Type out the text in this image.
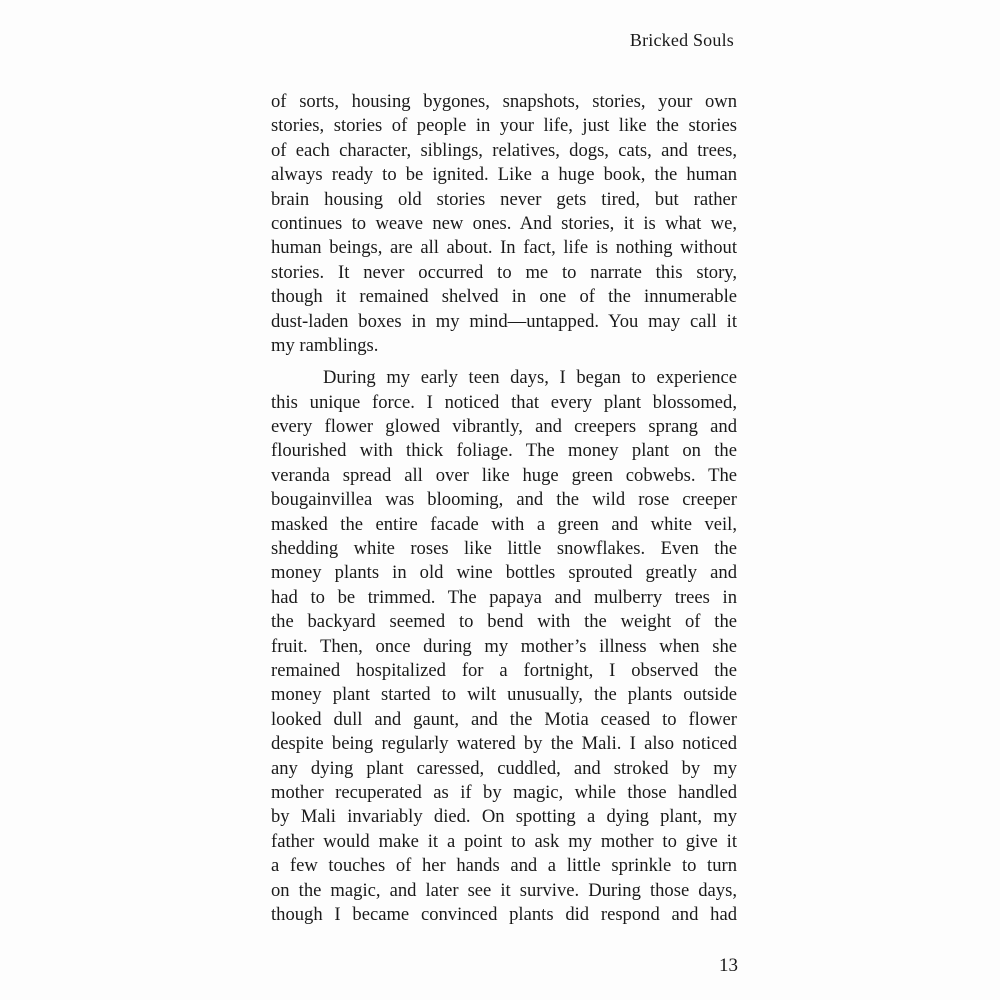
Bricked Souls
of sorts, housing bygones, snapshots, stories, your own
stories, stories of people in your life, just like the stories
of each character, siblings, relatives, dogs, cats, and trees,
always ready to be ignited. Like a huge book, the human
brain housing old stories never gets tired, but rather
continues to weave new ones. And stories, it is what we,
human beings, are all about. In fact, life is nothing without
stories. It never occurred to me to narrate this story,
though it remained shelved in one of the innumerable
dust-laden boxes in my mind—untapped. You may call it
my ramblings.
During my early teen days, I began to experience
this unique force. I noticed that every plant blossomed,
every flower glowed vibrantly, and creepers sprang and
flourished with thick foliage. The money plant on the
veranda spread all over like huge green cobwebs. The
bougainvillea was blooming, and the wild rose creeper
masked the entire facade with a green and white veil,
shedding white roses like little snowflakes. Even the
money plants in old wine bottles sprouted greatly and
had to be trimmed. The papaya and mulberry trees in
the backyard seemed to bend with the weight of the
fruit. Then, once during my mother’s illness when she
remained hospitalized for a fortnight, I observed the
money plant started to wilt unusually, the plants outside
looked dull and gaunt, and the Motia ceased to flower
despite being regularly watered by the Mali. I also noticed
any dying plant caressed, cuddled, and stroked by my
mother recuperated as if by magic, while those handled
by Mali invariably died. On spotting a dying plant, my
father would make it a point to ask my mother to give it
a few touches of her hands and a little sprinkle to turn
on the magic, and later see it survive. During those days,
though I became convinced plants did respond and had
13
